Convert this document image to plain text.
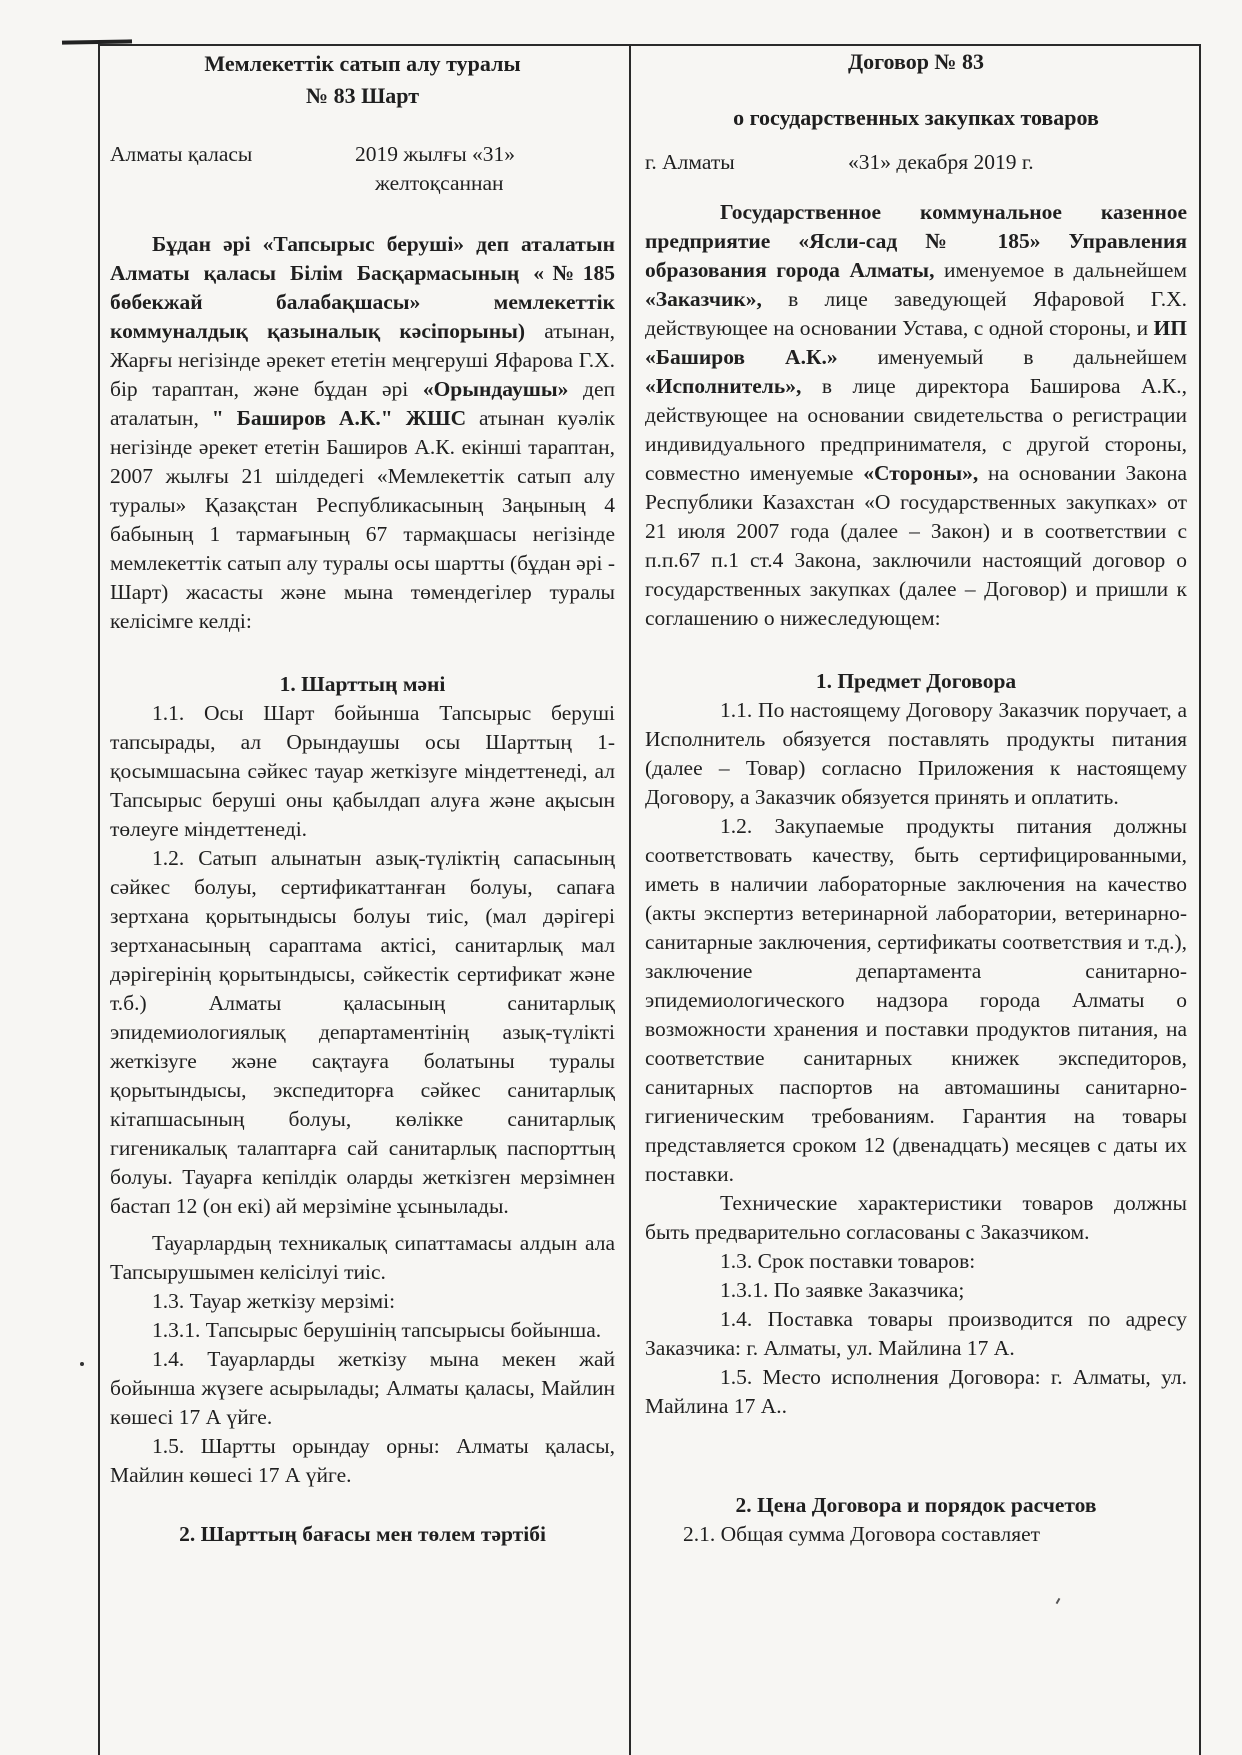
Мемлекеттік сатып алу туралы

№ 83 Шарт

Алматы қаласы	2019 жылғы «31»
желтоқсаннан

Бұдан әрі «Тапсырыс беруші» деп аталатын Алматы қаласы Білім Басқармасының «№185 бөбекжай балабақшасы» мемлекеттік коммуналдық қазыналық кәсіпорыны) атынан, Жарғы негізінде әрекет ететін меңгеруші Яфарова Г.Х. бір тараптан, және бұдан әрі «Орындаушы» деп аталатын, " Баширов А.К." ЖШС атынан куәлік негізінде әрекет ететін Баширов А.К. екінші тараптан, 2007 жылғы 21 шілдедегі «Мемлекеттік сатып алу туралы» Қазақстан Республикасының Заңының 4 бабының 1 тармағының 67 тармақшасы негізінде мемлекеттік сатып алу туралы осы шартты (бұдан әрі - Шарт) жасасты және мына төмендегілер туралы келісімге келді:

1. Шарттың мәні

1.1. Осы Шарт бойынша Тапсырыс беруші тапсырады, ал Орындаушы осы Шарттың 1-қосымшасына сәйкес тауар жеткізуге міндеттенеді, ал Тапсырыс беруші оны қабылдап алуға және ақысын төлеуге міндеттенеді.

1.2. Сатып алынатын азық-түліктің сапасының сәйкес болуы, сертификаттанған болуы, сапаға зертхана қорытындысы болуы тиіс, (мал дәрігері зертханасының сараптама актісі, санитарлық мал дәрігерінің қорытындысы, сәйкестік сертификат және т.б.) Алматы қаласының санитарлық эпидемиологиялық департаментінің азық-түлікті жеткізуге және сақтауға болатыны туралы қорытындысы, экспедиторға сәйкес санитарлық кітапшасының болуы, көлікке санитарлық гигеникалық талаптарға сай санитарлық паспорттың болуы. Тауарға кепілдік оларды жеткізген мерзімнен бастап 12 (он екі) ай мерзіміне ұсынылады.

Тауарлардың техникалық сипаттамасы алдын ала Тапсырушымен келісілуі тиіс.

1.3. Тауар жеткізу мерзімі:

1.3.1. Тапсырыс берушінің тапсырысы бойынша.

1.4. Тауарларды жеткізу мына мекен жай бойынша жүзеге асырылады; Алматы қаласы, Майлин көшесі 17 А үйге.

1.5. Шартты орындау орны: Алматы қаласы, Майлин көшесі 17 А үйге.

2. Шарттың бағасы мен төлем тәртібі

Договор № 83

о государственных закупках товаров

г. Алматы	«31» декабря 2019 г.

Государственное коммунальное казенное предприятие «Ясли-сад № 185» Управления образования города Алматы, именуемое в дальнейшем «Заказчик», в лице заведующей Яфаровой Г.Х. действующее на основании Устава, с одной стороны, и ИП «Баширов А.К.» именуемый в дальнейшем «Исполнитель», в лице директора Баширова А.К., действующее на основании свидетельства о регистрации индивидуального предпринимателя, с другой стороны, совместно именуемые «Стороны», на основании Закона Республики Казахстан «О государственных закупках» от 21 июля 2007 года (далее – Закон) и в соответствии с п.п.67 п.1 ст.4 Закона, заключили настоящий договор о государственных закупках (далее – Договор) и пришли к соглашению о нижеследующем:

1. Предмет Договора

1.1. По настоящему Договору Заказчик поручает, а Исполнитель обязуется поставлять продукты питания (далее – Товар) согласно Приложения к настоящему Договору, а Заказчик обязуется принять и оплатить.

1.2. Закупаемые продукты питания должны соответствовать качеству, быть сертифицированными, иметь в наличии лабораторные заключения на качество (акты экспертиз ветеринарной лаборатории, ветеринарно-санитарные заключения, сертификаты соответствия и т.д.), заключение департамента санитарно-эпидемиологического надзора города Алматы о возможности хранения и поставки продуктов питания, на соответствие санитарных книжек экспедиторов, санитарных паспортов на автомашины санитарно-гигиеническим требованиям. Гарантия на товары представляется сроком 12 (двенадцать) месяцев с даты их поставки.

Технические характеристики товаров должны быть предварительно согласованы с Заказчиком.

1.3. Срок поставки товаров:

1.3.1. По заявке Заказчика;

1.4. Поставка товары производится по адресу Заказчика: г. Алматы, ул. Майлина 17 А.

1.5. Место исполнения Договора: г. Алматы, ул. Майлина 17 А..

2. Цена Договора и порядок расчетов

2.1. Общая сумма Договора составляет
